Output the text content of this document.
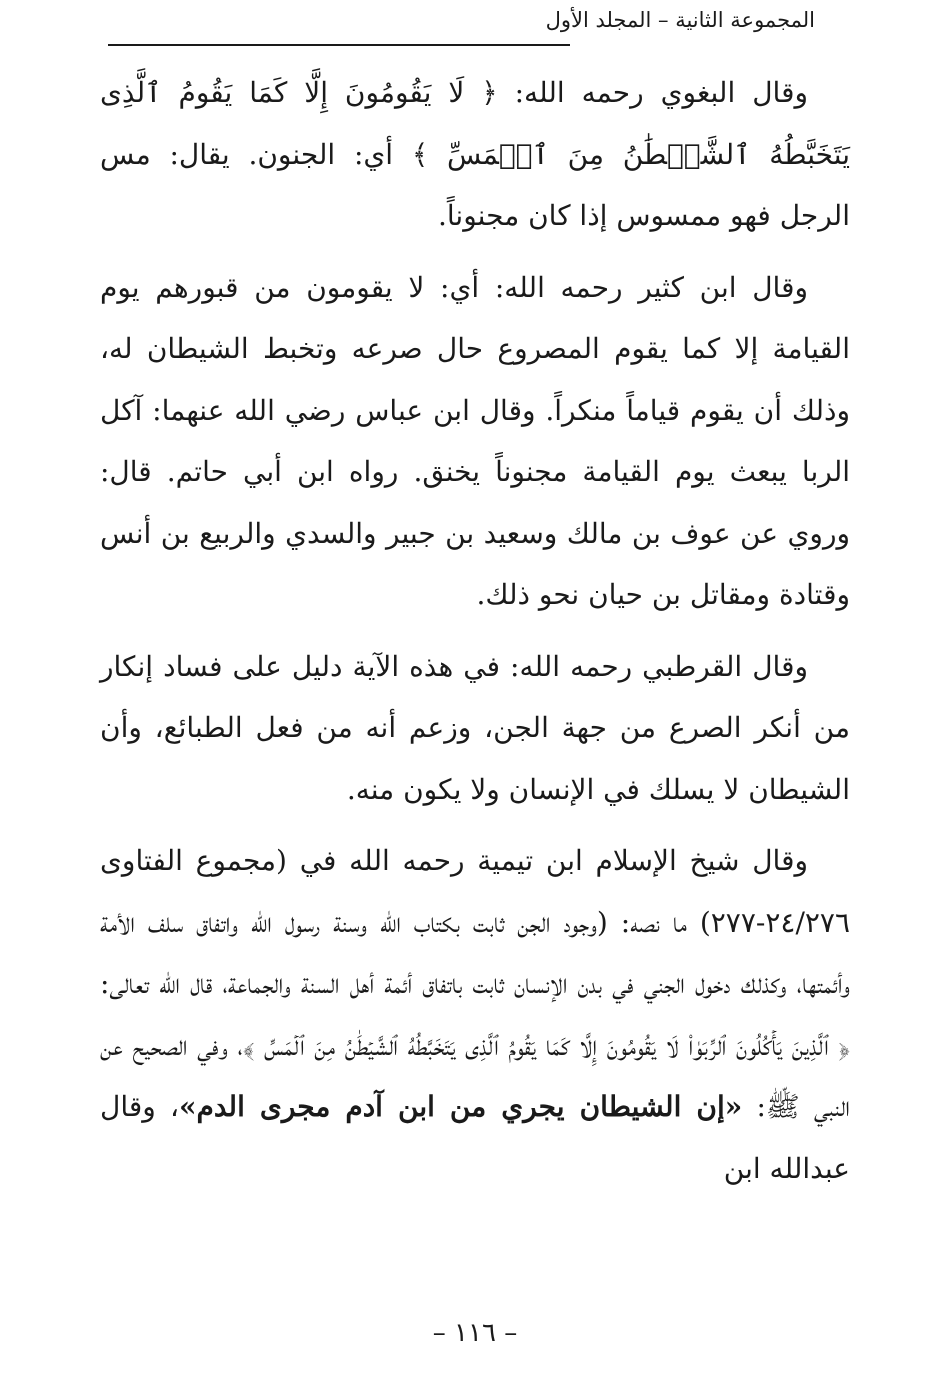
المجموعة الثانية – المجلد الأول

وقال البغوي رحمه الله: ﴿ لَا يَقُومُونَ إِلَّا كَمَا يَقُومُ ٱلَّذِى يَتَخَبَّطُهُ ٱلشَّيۡطَٰنُ مِنَ ٱلۡمَسِّ ﴾ أي: الجنون. يقال: مس الرجل فهو ممسوس إذا كان مجنوناً.

وقال ابن كثير رحمه الله: أي: لا يقومون من قبورهم يوم القيامة إلا كما يقوم المصروع حال صرعه وتخبط الشيطان له، وذلك أن يقوم قياماً منكراً. وقال ابن عباس رضي الله عنهما: آكل الربا يبعث يوم القيامة مجنوناً يخنق. رواه ابن أبي حاتم. قال: وروي عن عوف بن مالك وسعيد بن جبير والسدي والربيع بن أنس وقتادة ومقاتل بن حيان نحو ذلك.

وقال القرطبي رحمه الله: في هذه الآية دليل على فساد إنكار من أنكر الصرع من جهة الجن، وزعم أنه من فعل الطبائع، وأن الشيطان لا يسلك في الإنسان ولا يكون منه.

وقال شيخ الإسلام ابن تيمية رحمه الله في (مجموع الفتاوى ٢٤/٢٧٦-٢٧٧) ما نصه: (وجود الجن ثابت بكتاب الله وسنة رسول الله واتفاق سلف الأمة وأئمتها، وكذلك دخول الجني في بدن الإنسان ثابت باتفاق أئمة أهل السنة والجماعة، قال الله تعالى: ﴿ ٱلَّذِينَ يَأۡكُلُونَ ٱلرِّبَوٰاْ لَا يَقُومُونَ إِلَّا كَمَا يَقُومُ ٱلَّذِى يَتَخَبَّطُهُ ٱلشَّيۡطَٰنُ مِنَ ٱلۡمَسِّ ﴾، وفي الصحيح عن النبي ﷺ: «إن الشيطان يجري من ابن آدم مجرى الدم»، وقال عبدالله ابن

– ١١٦ –
